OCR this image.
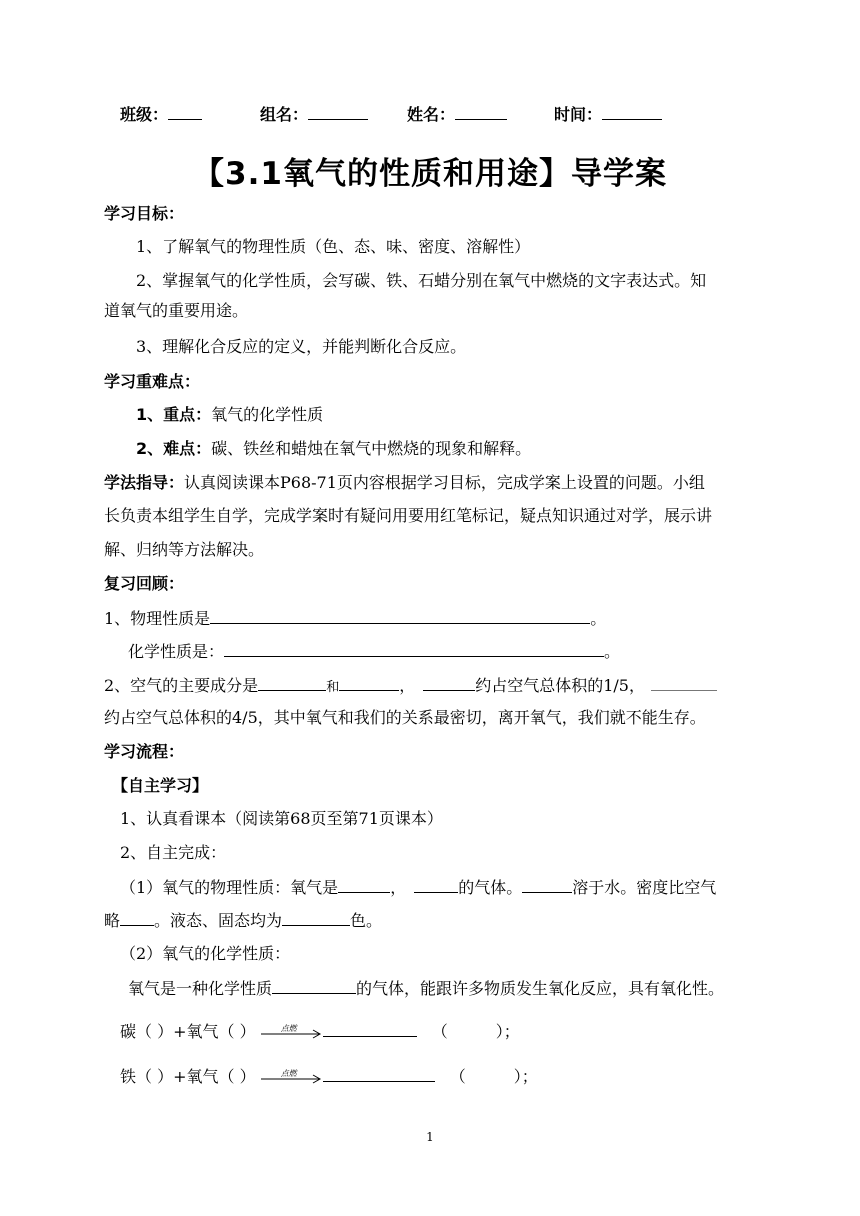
班级：	组名：	姓名：	时间：
【3.1氧气的性质和用途】导学案
学习目标：
1、了解氧气的物理性质（色、态、味、密度、溶解性）
2、掌握氧气的化学性质，会写碳、铁、石蜡分别在氧气中燃烧的文字表达式。知
道氧气的重要用途。
3、理解化合反应的定义，并能判断化合反应。
学习重难点：
1、重点：氧气的化学性质
2、难点：碳、铁丝和蜡烛在氧气中燃烧的现象和解释。
学法指导：认真阅读课本P68-71页内容根据学习目标，完成学案上设置的问题。小组
长负责本组学生自学，完成学案时有疑问用要用红笔标记，疑点知识通过对学，展示讲
解、归纳等方法解决。
复习回顾：
1、物理性质是	。
化学性质是：	。
2、空气的主要成分是	和	，	约占空气总体积的1/5，
约占空气总体积的4/5，其中氧气和我们的关系最密切，离开氧气，我们就不能生存。
学习流程：
【自主学习】
1、认真看课本（阅读第68页至第71页课本）
2、自主完成：
（1）氧气的物理性质：氧气是	，	的气体。	溶于水。密度比空气
略 。液态、固态均为	色。
（2）氧气的化学性质：
氧气是一种化学性质	的气体，能跟许多物质发生氧化反应，具有氧化性。
碳（ ）+氧气（ ）	点燃	（	）；
铁（ ）+氧气（ ）	点燃	（	）；
1
